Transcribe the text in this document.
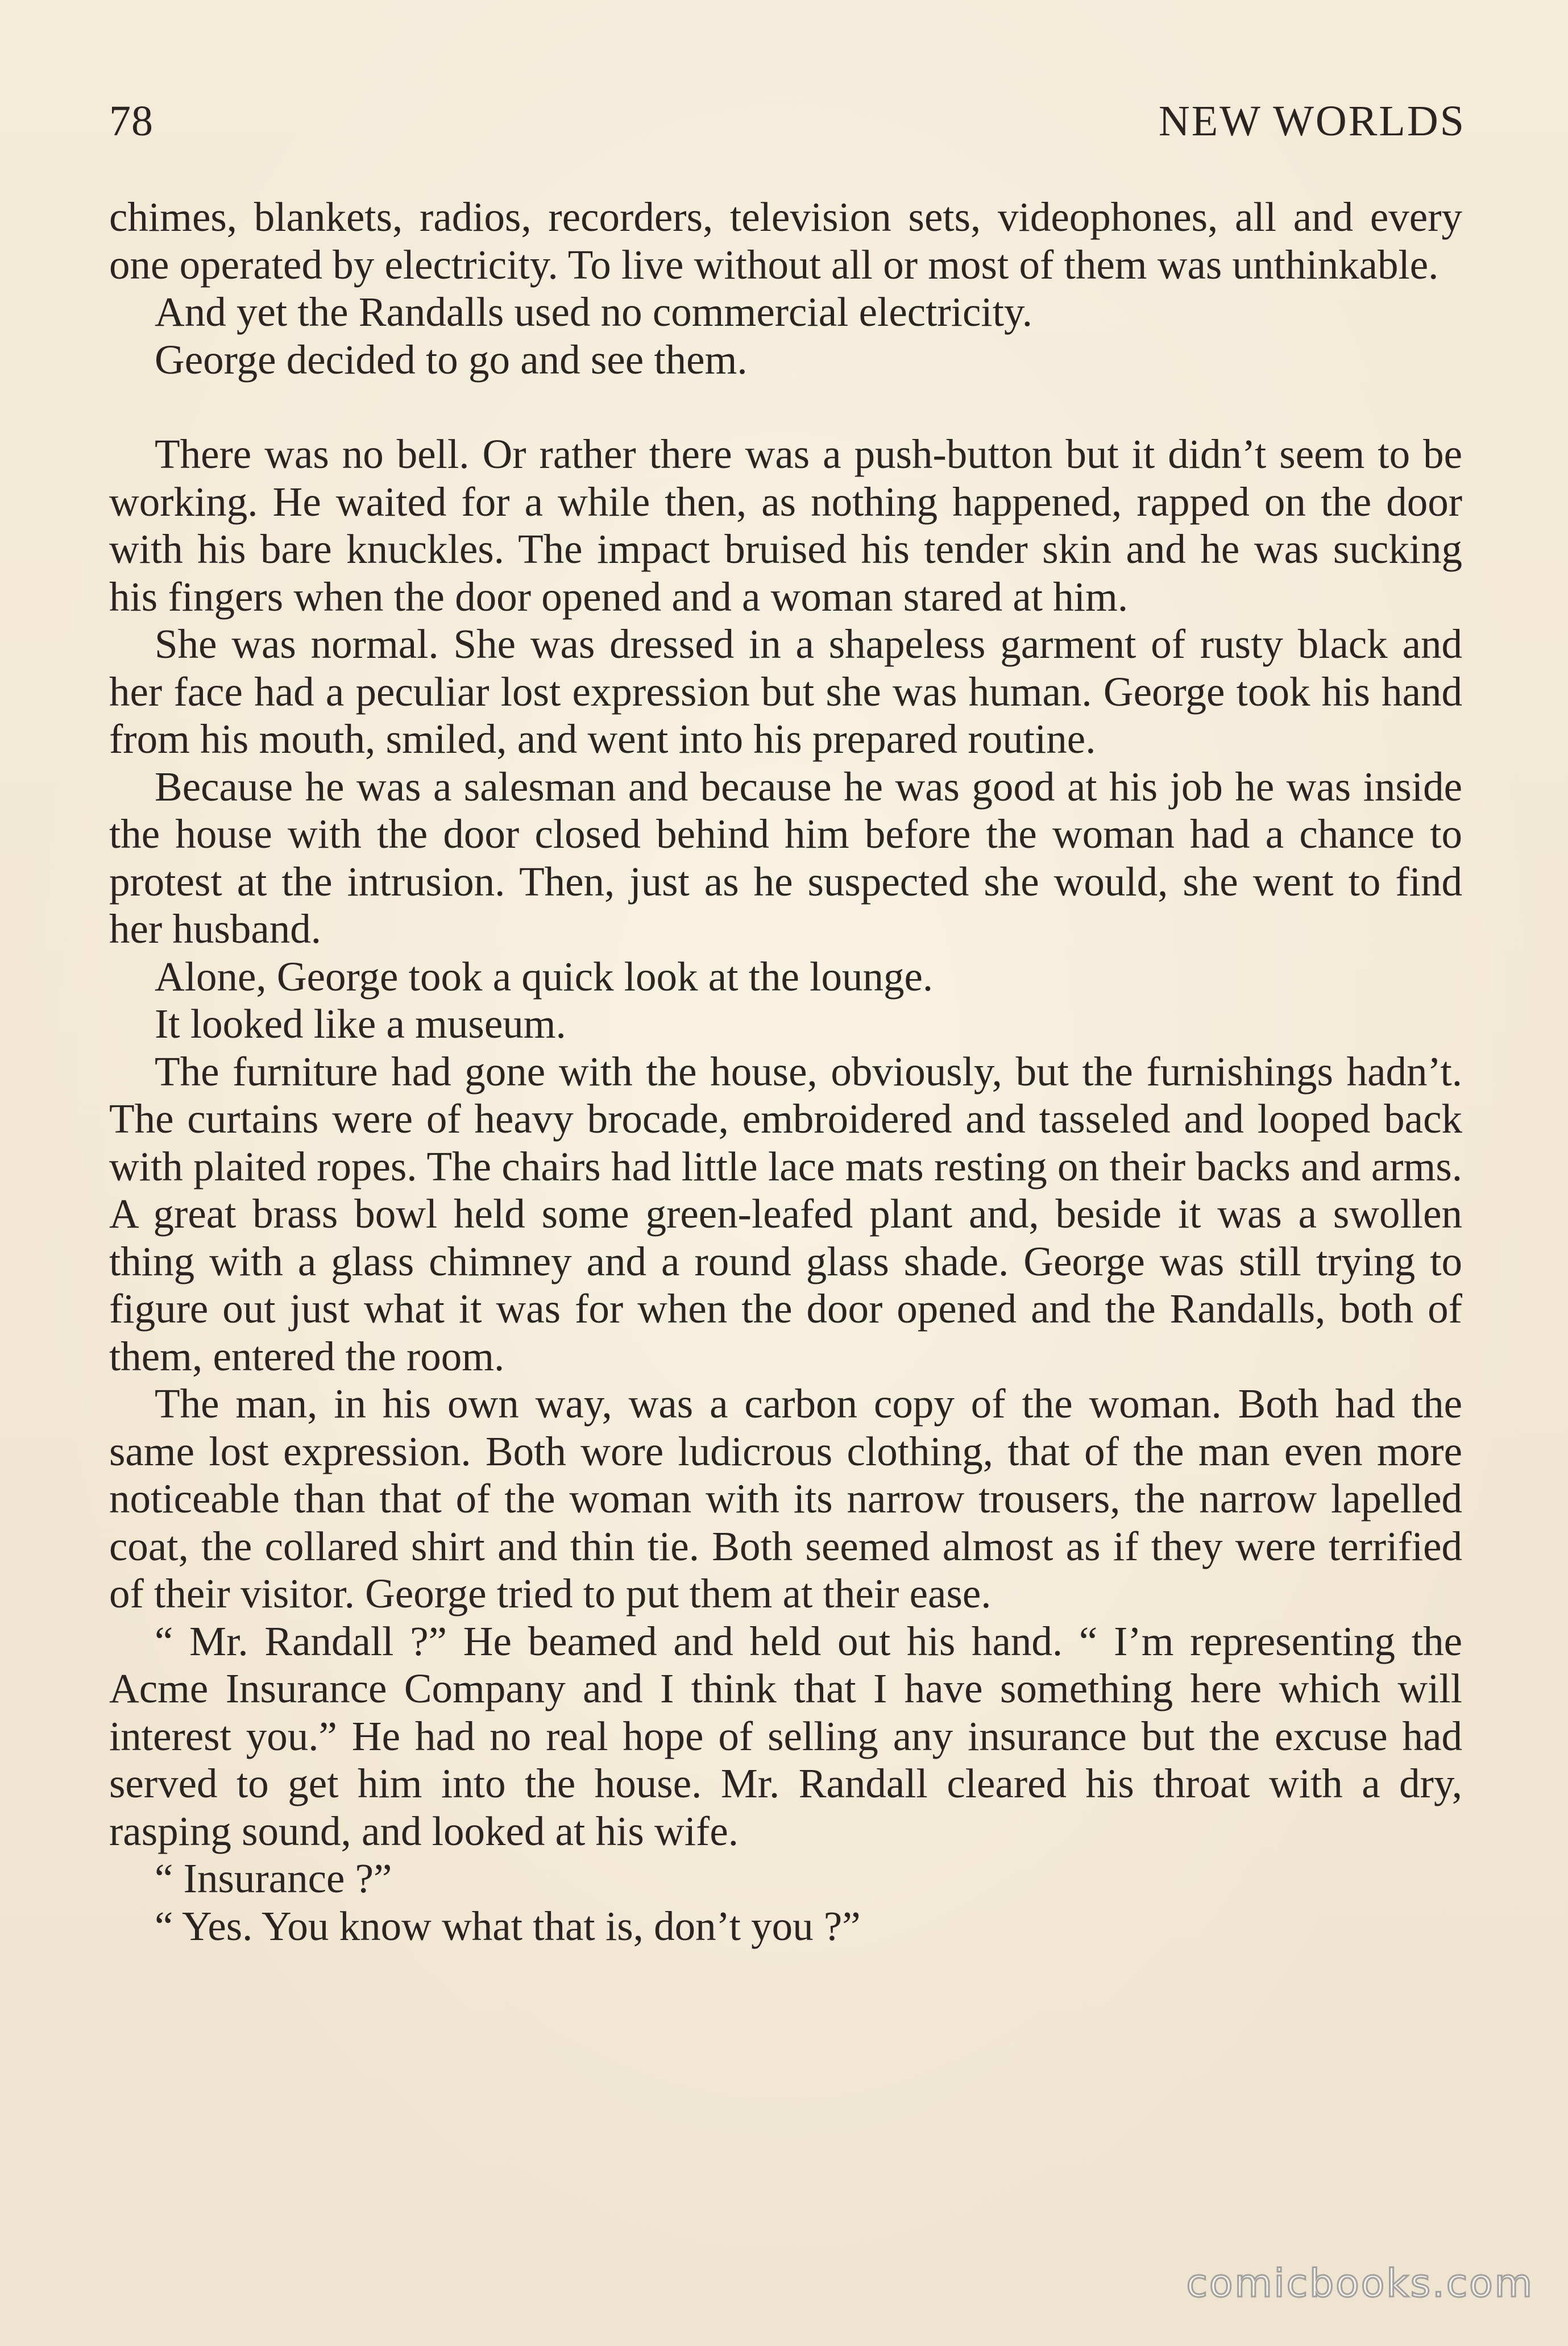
78	NEW WORLDS

chimes, blankets, radios, recorders, television sets, videophones, all and every one operated by electricity. To live without all or most of them was unthinkable.

And yet the Randalls used no commercial electricity.

George decided to go and see them.

There was no bell. Or rather there was a push-button but it didn’t seem to be working. He waited for a while then, as nothing happened, rapped on the door with his bare knuckles. The impact bruised his tender skin and he was sucking his fingers when the door opened and a woman stared at him.

She was normal. She was dressed in a shapeless garment of rusty black and her face had a peculiar lost expression but she was human. George took his hand from his mouth, smiled, and went into his prepared routine.

Because he was a salesman and because he was good at his job he was inside the house with the door closed behind him before the woman had a chance to protest at the intrusion. Then, just as he suspected she would, she went to find her husband.

Alone, George took a quick look at the lounge.

It looked like a museum.

The furniture had gone with the house, obviously, but the furnishings hadn’t. The curtains were of heavy brocade, embroidered and tasseled and looped back with plaited ropes. The chairs had little lace mats resting on their backs and arms. A great brass bowl held some green-leafed plant and, beside it was a swollen thing with a glass chimney and a round glass shade. George was still trying to figure out just what it was for when the door opened and the Randalls, both of them, entered the room.

The man, in his own way, was a carbon copy of the woman. Both had the same lost expression. Both wore ludicrous clothing, that of the man even more noticeable than that of the woman with its narrow trousers, the narrow lapelled coat, the collared shirt and thin tie. Both seemed almost as if they were terrified of their visitor. George tried to put them at their ease.

“ Mr. Randall ?” He beamed and held out his hand. “ I’m representing the Acme Insurance Company and I think that I have something here which will interest you.” He had no real hope of selling any insurance but the excuse had served to get him into the house. Mr. Randall cleared his throat with a dry, rasping sound, and looked at his wife.

“ Insurance ?”

“ Yes. You know what that is, don’t you ?”

comicbooks.com
